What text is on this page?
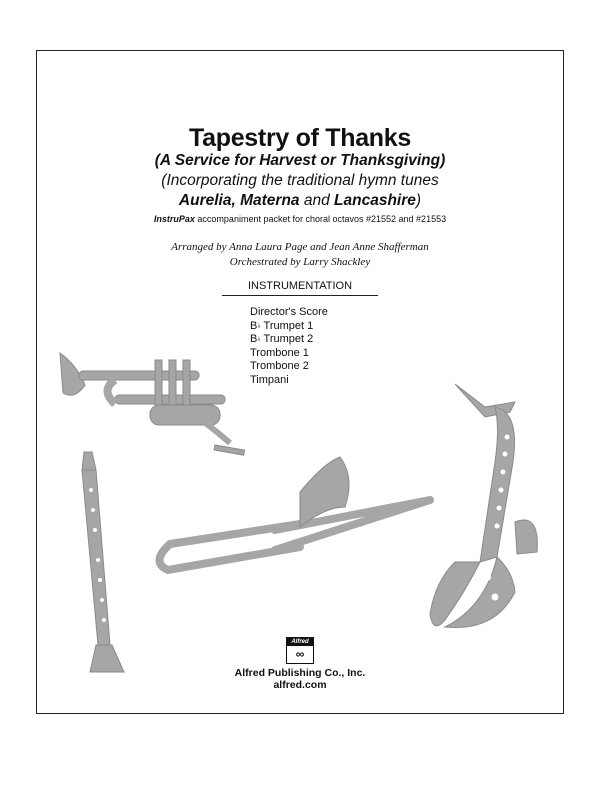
Tapestry of Thanks
(A Service for Harvest or Thanksgiving)
(Incorporating the traditional hymn tunes
Aurelia, Materna and Lancashire)
InstruPax accompaniment packet for choral octavos #21552 and #21553
Arranged by Anna Laura Page and Jean Anne Shafferman
Orchestrated by Larry Shackley
INSTRUMENTATION
Director's Score
B♭ Trumpet 1
B♭ Trumpet 2
Trombone 1
Trombone 2
Timpani
Alfred
∞
Alfred Publishing Co., Inc.
alfred.com
